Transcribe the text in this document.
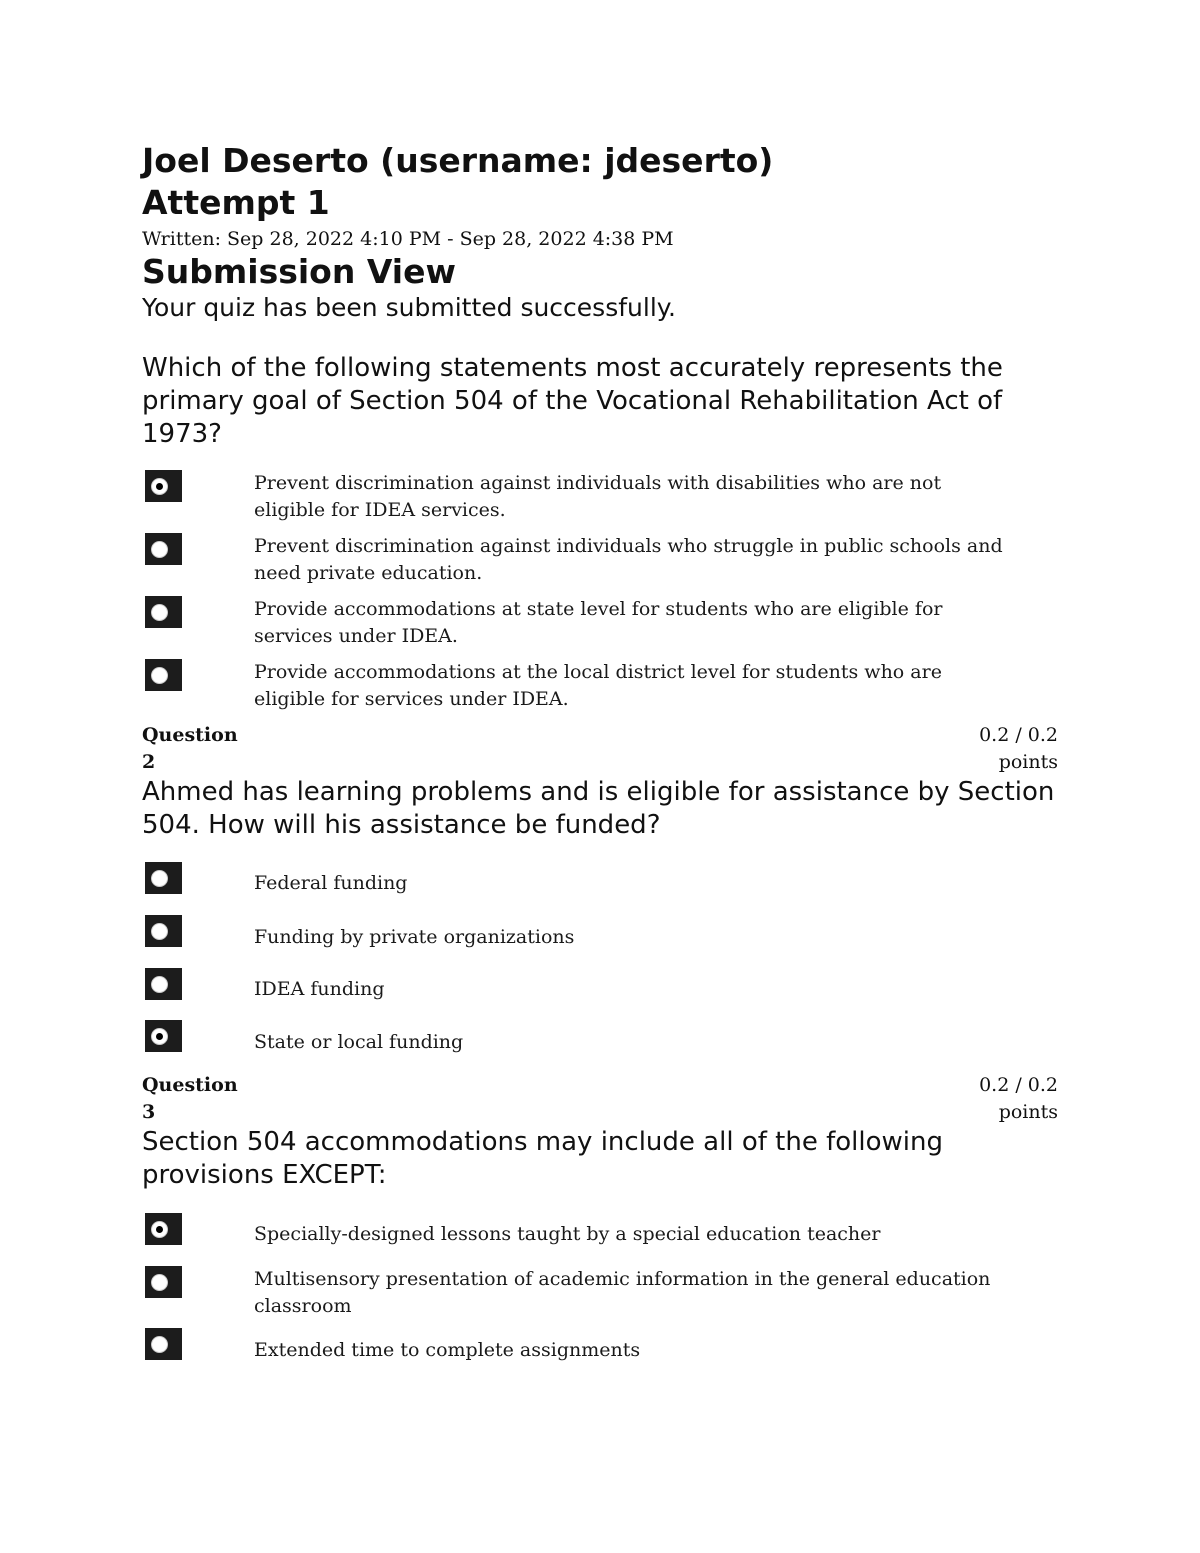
Joel Deserto (username: jdeserto)
Attempt 1
Written: Sep 28, 2022 4:10 PM - Sep 28, 2022 4:38 PM
Submission View
Your quiz has been submitted successfully.
Which of the following statements most accurately represents the primary goal of Section 504 of the Vocational Rehabilitation Act of 1973?
Prevent discrimination against individuals with disabilities who are not eligible for IDEA services.
Prevent discrimination against individuals who struggle in public schools and need private education.
Provide accommodations at state level for students who are eligible for services under IDEA.
Provide accommodations at the local district level for students who are eligible for services under IDEA.
Question 2
0.2 / 0.2 points
Ahmed has learning problems and is eligible for assistance by Section 504. How will his assistance be funded?
Federal funding
Funding by private organizations
IDEA funding
State or local funding
Question 3
0.2 / 0.2 points
Section 504 accommodations may include all of the following provisions EXCEPT:
Specially-designed lessons taught by a special education teacher
Multisensory presentation of academic information in the general education classroom
Extended time to complete assignments
